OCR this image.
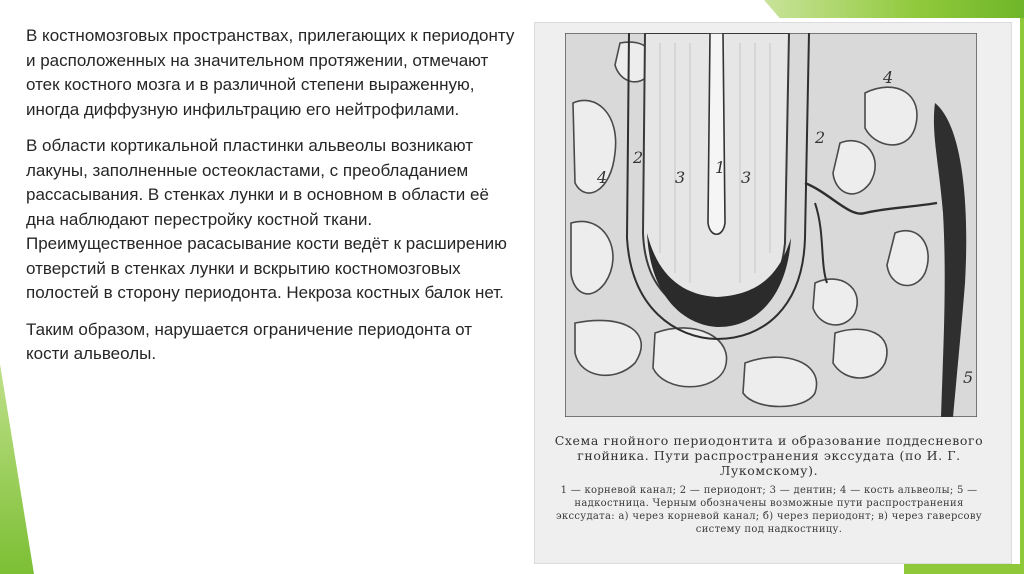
В костномозговых пространствах, прилегающих к периодонту и расположенных на значительном протяжении, отмечают отек костного мозга и в различной степени выраженную, иногда диффузную инфильтрацию его нейтрофилами.

В области кортикальной пластинки альвеолы возникают лакуны, заполненные остеокластами, с преобладанием рассасывания. В стенках лунки и в основном в области её дна наблюдают перестройку костной ткани. Преимущественное расасывание кости ведёт к расширению отверстий в стенках лунки и вскрытию костномозговых полостей в сторону периодонта. Некроза костных балок нет.

Таким образом, нарушается ограничение периодонта от кости альвеолы.

1
2
2
3	3
4
4
5

Схема гнойного периодонтита и образование поддесневого гнойника. Пути распространения экссудата (по И. Г. Лукомскому).

1 — корневой канал; 2 — периодонт; 3 — дентин; 4 — кость альвеолы; 5 — надкостница. Черным обозначены возможные пути распространения экссудата: а) через корневой канал; б) через периодонт; в) через гаверсову систему под надкостницу.
